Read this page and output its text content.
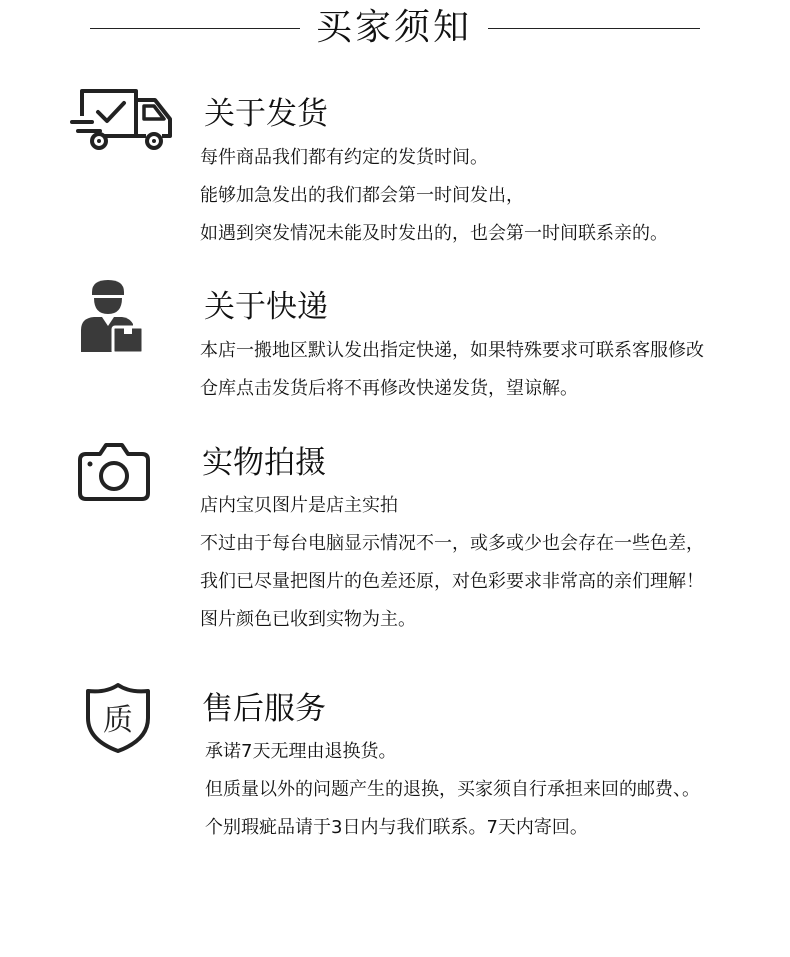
买家须知
关于发货

每件商品我们都有约定的发货时间。

能够加急发出的我们都会第一时间发出，

如遇到突发情况未能及时发出的，也会第一时间联系亲的。

关于快递

本店一搬地区默认发出指定快递，如果特殊要求可联系客服修改

仓库点击发货后将不再修改快递发货，望谅解。

实物拍摄

店内宝贝图片是店主实拍

不过由于每台电脑显示情况不一，或多或少也会存在一些色差，

我们已尽量把图片的色差还原，对色彩要求非常高的亲们理解！

图片颜色已收到实物为主。

质 售后服务

承诺7天无理由退换货。

但质量以外的问题产生的退换，买家须自行承担来回的邮费、。

个别瑕疵品请于3日内与我们联系。7天内寄回。
